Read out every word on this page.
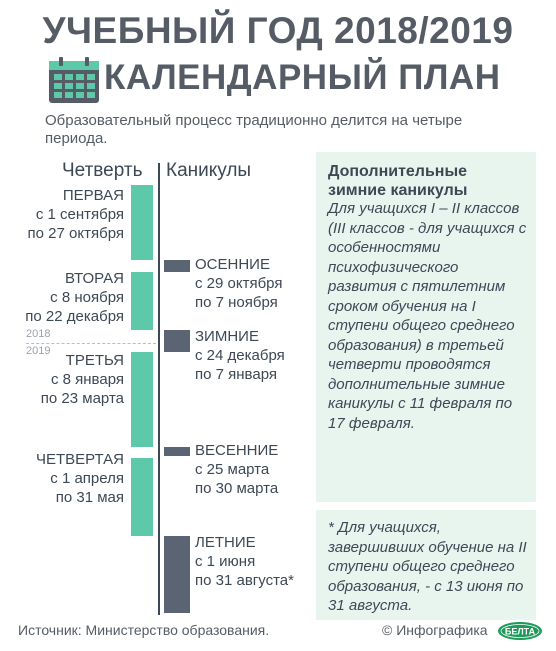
УЧЕБНЫЙ ГОД 2018/2019
КАЛЕНДАРНЫЙ ПЛАН
Образовательный процесс традиционно делится на четыре периода.
Четверть Каникулы
2018
2019
ПЕРВАЯ
с 1 сентября
по 27 октября
ВТОРАЯ
с 8 ноября
по 22 декабря
ТРЕТЬЯ
с 8 января
по 23 марта
ЧЕТВЕРТАЯ
с 1 апреля
по 31 мая
ОСЕННИЕ
с 29 октября
по 7 ноября
ЗИМНИЕ
с 24 декабря
по 7 января
ВЕСЕННИЕ
с 25 марта
по 30 марта
ЛЕТНИЕ
с 1 июня
по 31 августа*
Дополнительные зимние каникулы
Для учащихся I – II классов (III классов - для учащихся с особенностями психофизического развития с пятилетним сроком обучения на I ступени общего среднего образования) в третьей четверти проводятся дополнительные зимние каникулы с 11 февраля по 17 февраля.
* Для учащихся, завершивших обучение на II ступени общего среднего образования, - с 13 июня по 31 августа.
Источник: Министерство образования.	© Инфографика БЕЛТА
